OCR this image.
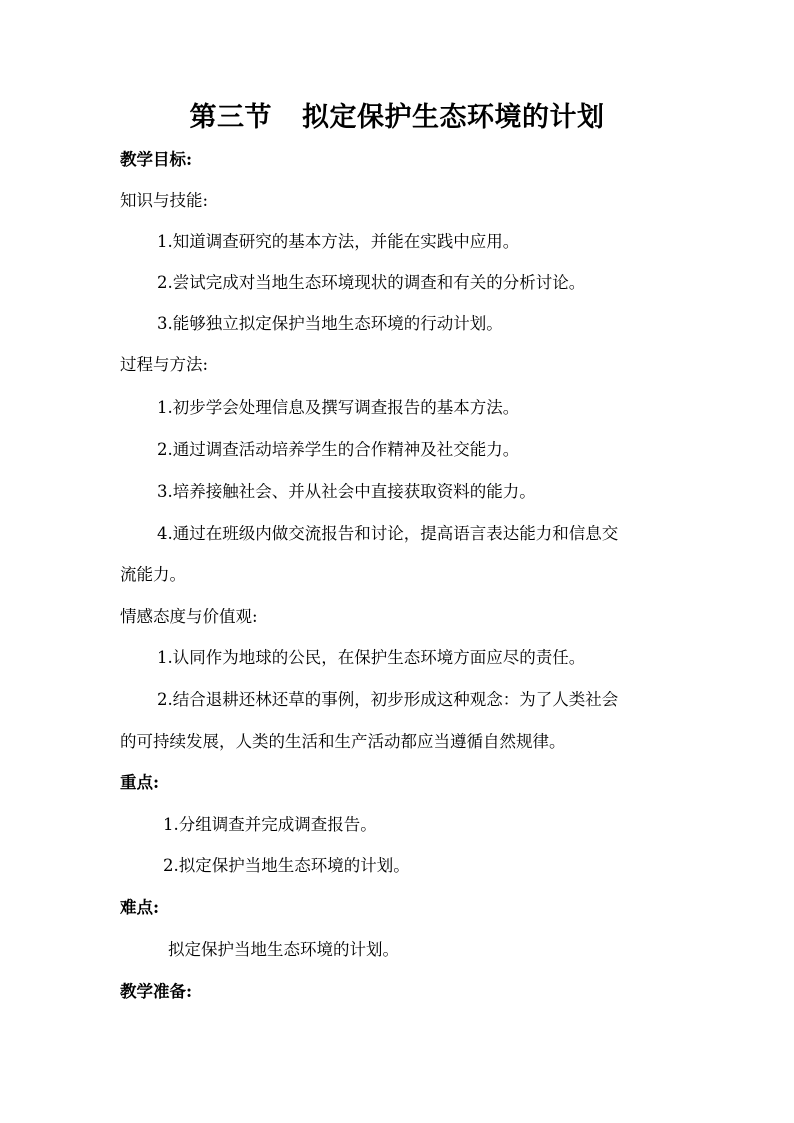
第三节 拟定保护生态环境的计划
教学目标:
知识与技能:
1.知道调查研究的基本方法，并能在实践中应用。
2.尝试完成对当地生态环境现状的调查和有关的分析讨论。
3.能够独立拟定保护当地生态环境的行动计划。
过程与方法:
1.初步学会处理信息及撰写调查报告的基本方法。
2.通过调查活动培养学生的合作精神及社交能力。
3.培养接触社会、并从社会中直接获取资料的能力。
4.通过在班级内做交流报告和讨论，提高语言表达能力和信息交
流能力。
情感态度与价值观:
1.认同作为地球的公民，在保护生态环境方面应尽的责任。
2.结合退耕还林还草的事例，初步形成这种观念：为了人类社会
的可持续发展，人类的生活和生产活动都应当遵循自然规律。
重点:
1.分组调查并完成调查报告。
2.拟定保护当地生态环境的计划。
难点:
拟定保护当地生态环境的计划。
教学准备:
